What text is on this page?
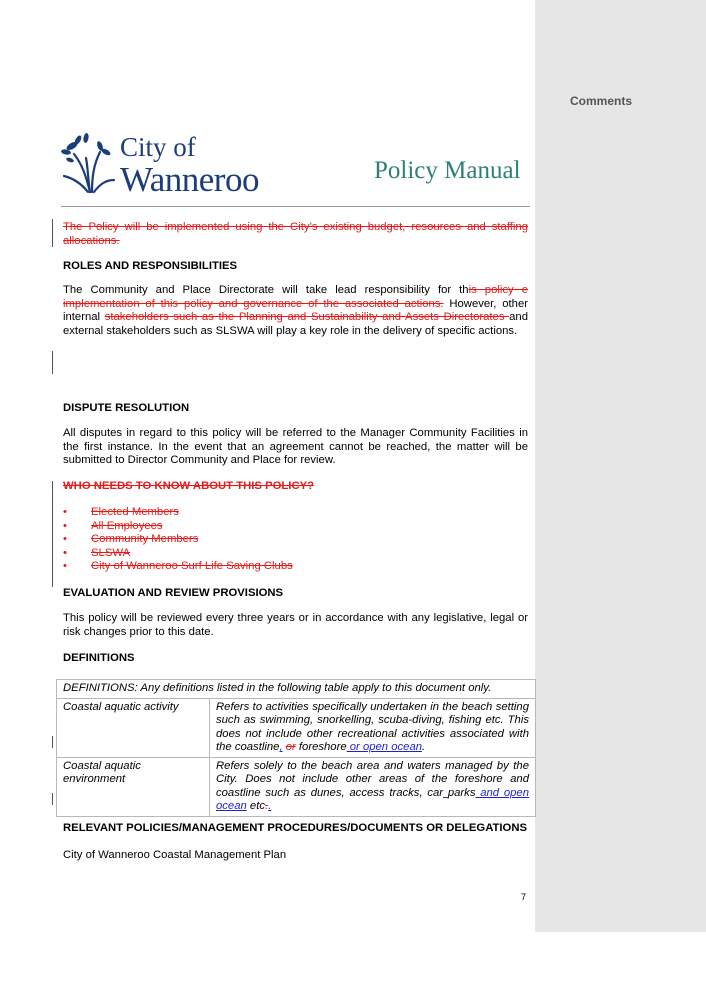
Comments
City of
Wanneroo	Policy Manual
The Policy will be implemented using the City’s existing budget, resources and staffing allocations.
ROLES AND RESPONSIBILITIES
The Community and Place Directorate will take lead responsibility for this policy e implementation of this policy and governance of the associated actions. However, other internal stakeholders such as the Planning and Sustainability and Assets Directorates and external stakeholders such as SLSWA will play a key role in the delivery of specific actions.
DISPUTE RESOLUTION
All disputes in regard to this policy will be referred to the Manager Community Facilities in the first instance. In the event that an agreement cannot be reached, the matter will be submitted to Director Community and Place for review.
WHO NEEDS TO KNOW ABOUT THIS POLICY?
• Elected Members
• All Employees
• Community Members
• SLSWA
• City of Wanneroo Surf Life Saving Clubs
EVALUATION AND REVIEW PROVISIONS
This policy will be reviewed every three years or in accordance with any legislative, legal or risk changes prior to this date.
DEFINITIONS
DEFINITIONS: Any definitions listed in the following table apply to this document only.	
Coastal aquatic activity	Refers to activities specifically undertaken in the beach setting such as swimming, snorkelling, scuba-diving, fishing etc. This does not include other recreational activities associated with the coastline, or foreshore or open ocean.
Coastal aquatic environment	Refers solely to the beach area and waters managed by the City. Does not include other areas of the foreshore and coastline such as dunes, access tracks, car parks and open ocean etc..
RELEVANT POLICIES/MANAGEMENT PROCEDURES/DOCUMENTS OR DELEGATIONS
City of Wanneroo Coastal Management Plan
7
